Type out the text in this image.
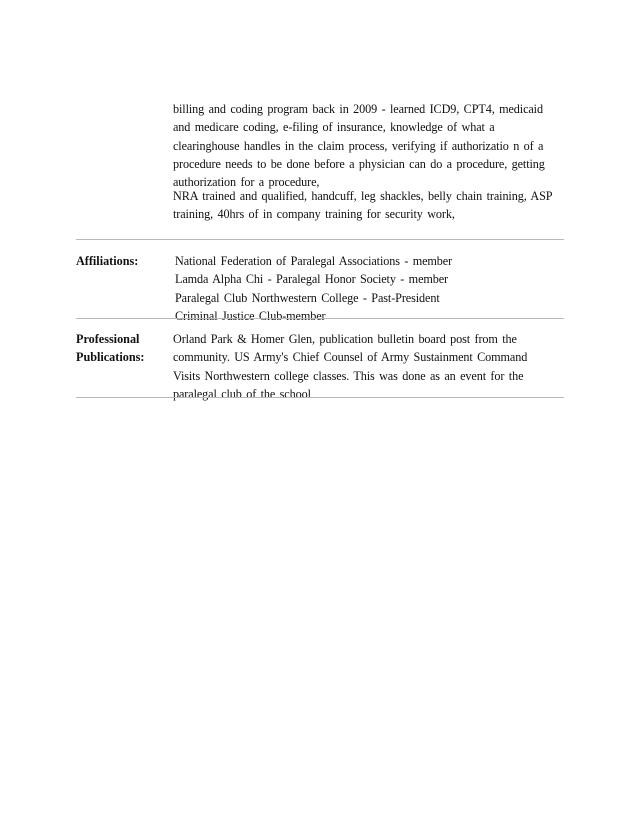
billing and coding program back in 2009 - learned ICD9, CPT4, medicaid
and medicare coding, e-filing of insurance, knowledge of what a
clearinghouse handles in the claim process, verifying if authorizatio n of a
procedure needs to be done before a physician can do a procedure, getting
authorization for a procedure,
NRA trained and qualified, handcuff, leg shackles, belly chain training, ASP
training, 40hrs of in company training for security work,
Affiliations:	National Federation of Paralegal Associations - member
Lamda Alpha Chi - Paralegal Honor Society - member
Paralegal Club Northwestern College - Past-President
Criminal Justice Club-member
Professional
Publications:
Orland Park & Homer Glen, publication bulletin board post from the
community. US Army's Chief Counsel of Army Sustainment Command
Visits Northwestern college classes. This was done as an event for the
paralegal club of the school
